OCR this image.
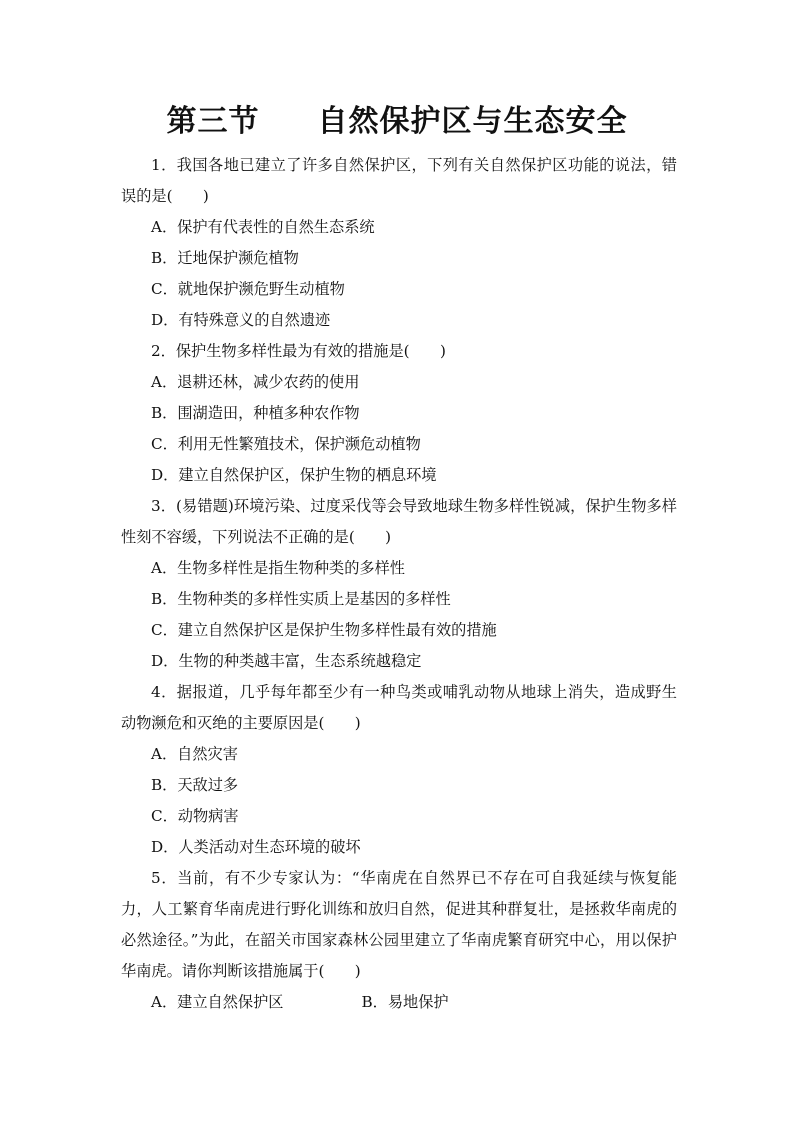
第三节 自然保护区与生态安全

1．我国各地已建立了许多自然保护区，下列有关自然保护区功能的说法，错误的是(　　)

A．保护有代表性的自然生态系统

B．迁地保护濒危植物

C．就地保护濒危野生动植物

D．有特殊意义的自然遗迹

2．保护生物多样性最为有效的措施是(　　)

A．退耕还林，减少农药的使用

B．围湖造田，种植多种农作物

C．利用无性繁殖技术，保护濒危动植物

D．建立自然保护区，保护生物的栖息环境

3．(易错题)环境污染、过度采伐等会导致地球生物多样性锐减，保护生物多样性刻不容缓，下列说法不正确的是(　　)

A．生物多样性是指生物种类的多样性

B．生物种类的多样性实质上是基因的多样性

C．建立自然保护区是保护生物多样性最有效的措施

D．生物的种类越丰富，生态系统越稳定

4．据报道，几乎每年都至少有一种鸟类或哺乳动物从地球上消失，造成野生动物濒危和灭绝的主要原因是(　　)

A．自然灾害

B．天敌过多

C．动物病害

D．人类活动对生态环境的破坏

5．当前，有不少专家认为：“华南虎在自然界已不存在可自我延续与恢复能力，人工繁育华南虎进行野化训练和放归自然，促进其种群复壮，是拯救华南虎的必然途径。”为此，在韶关市国家森林公园里建立了华南虎繁育研究中心，用以保护华南虎。请你判断该措施属于(　　)

A．建立自然保护区	B．易地保护
